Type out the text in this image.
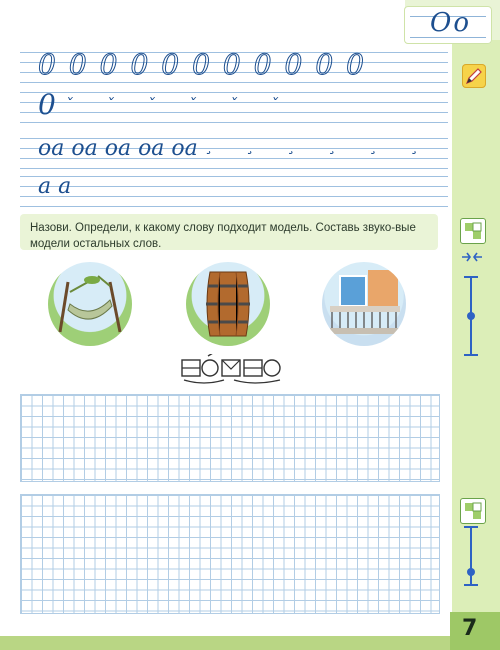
Оо
00000000000
0 ˇ ˇ ˇ ˇ ˇ ˇ
oa oa oa oa oa ¸ ¸ ¸ ¸ ¸ ¸
a a
Назови. Определи, к какому слову подходит модель. Составь звуко-вые модели остальных слов.
7
